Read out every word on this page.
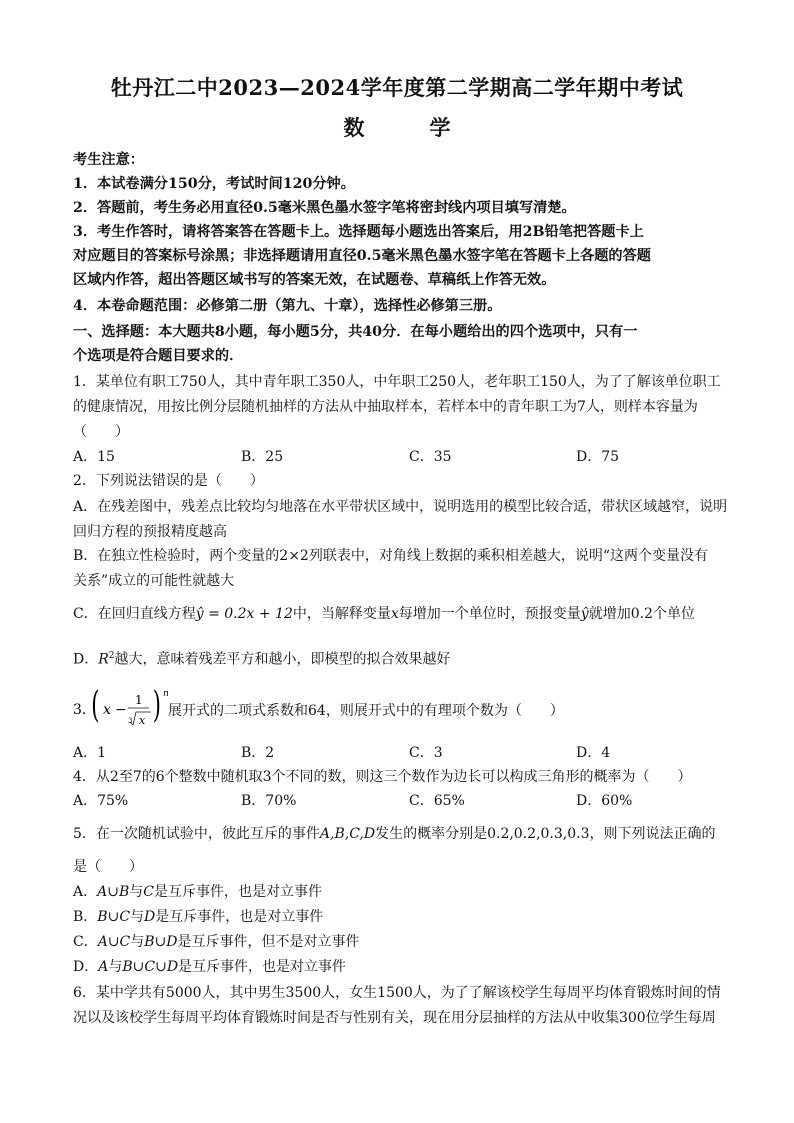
牡丹江二中2023—2024学年度第二学期高二学年期中考试
数　学
考生注意：
1．本试卷满分150分，考试时间120分钟。
2．答题前，考生务必用直径0.5毫米黑色墨水签字笔将密封线内项目填写清楚。
3．考生作答时，请将答案答在答题卡上。选择题每小题选出答案后，用2B铅笔把答题卡上
对应题目的答案标号涂黑；非选择题请用直径0.5毫米黑色墨水签字笔在答题卡上各题的答题
区域内作答，超出答题区域书写的答案无效，在试题卷、草稿纸上作答无效。
4．本卷命题范围：必修第二册（第九、十章），选择性必修第三册。
一、选择题：本大题共8小题，每小题5分，共40分．在每小题给出的四个选项中，只有一
个选项是符合题目要求的．
1．某单位有职工750人，其中青年职工350人，中年职工250人，老年职工150人，为了了解该单位职工
的健康情况，用按比例分层随机抽样的方法从中抽取样本，若样本中的青年职工为7人，则样本容量为
（　　）
A．15	B．25	C．35	D．75
2．下列说法错误的是（　　）
A．在残差图中，残差点比较均匀地落在水平带状区域中，说明选用的模型比较合适，带状区域越窄，说明
回归方程的预报精度越高
B．在独立性检验时，两个变量的2×2列联表中，对角线上数据的乘积相差越大，说明“这两个变量没有
关系”成立的可能性就越大
C．在回归直线方程ŷ = 0.2x + 12中，当解释变量x每增加一个单位时，预报变量ŷ就增加0.2个单位
D．$R^2$越大，意味着残差平方和越小，即模型的拟合效果越好
3．
( x −
1
3 x ) n
展开式的二项式系数和64，则展开式中的有理项个数为（　　）
A．1	B．2	C．3	D．4
4．从2至7的6个整数中随机取3个不同的数，则这三个数作为边长可以构成三角形的概率为（　　）
A．75%	B．70%	C．65%	D．60%
5．在一次随机试验中，彼此互斥的事件A,B,C,D发生的概率分别是0.2,0.2,0.3,0.3，则下列说法正确的
是（　　）
A．A∪B与C是互斥事件，也是对立事件
B．B∪C与D是互斥事件，也是对立事件
C．A∪C与B∪D是互斥事件，但不是对立事件
D．A与B∪C∪D是互斥事件，也是对立事件
6．某中学共有5000人，其中男生3500人，女生1500人，为了了解该校学生每周平均体育锻炼时间的情
况以及该校学生每周平均体育锻炼时间是否与性别有关，现在用分层抽样的方法从中收集300位学生每周
